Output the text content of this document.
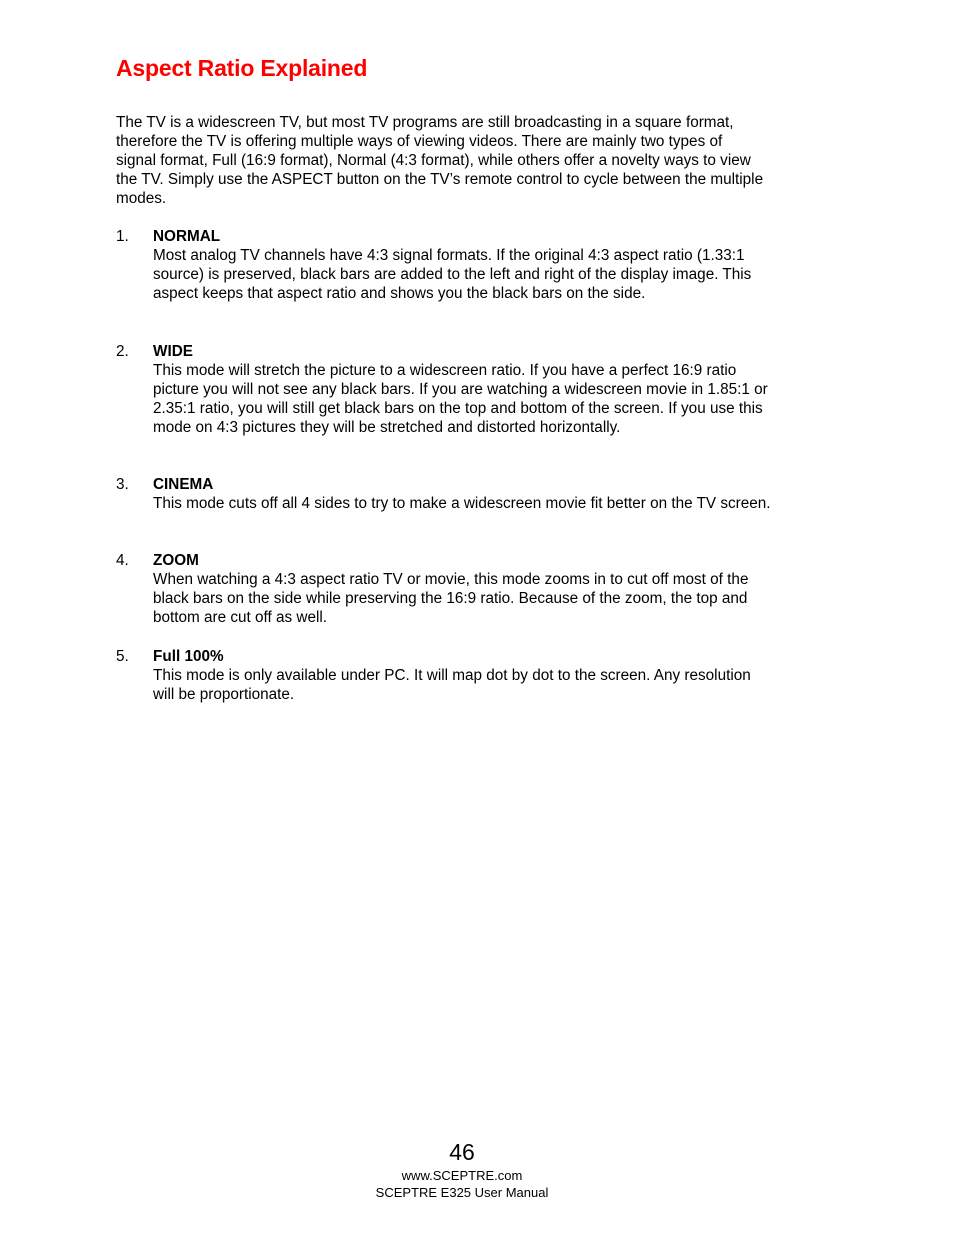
Aspect Ratio Explained

The TV is a widescreen TV, but most TV programs are still broadcasting in a square format, therefore the TV is offering multiple ways of viewing videos. There are mainly two types of signal format, Full (16:9 format), Normal (4:3 format), while others offer a novelty ways to view the TV. Simply use the ASPECT button on the TV’s remote control to cycle between the multiple modes.

1. NORMAL
Most analog TV channels have 4:3 signal formats. If the original 4:3 aspect ratio (1.33:1 source) is preserved, black bars are added to the left and right of the display image. This aspect keeps that aspect ratio and shows you the black bars on the side.
2. WIDE
This mode will stretch the picture to a widescreen ratio. If you have a perfect 16:9 ratio picture you will not see any black bars. If you are watching a widescreen movie in 1.85:1 or 2.35:1 ratio, you will still get black bars on the top and bottom of the screen. If you use this mode on 4:3 pictures they will be stretched and distorted horizontally.
3. CINEMA
This mode cuts off all 4 sides to try to make a widescreen movie fit better on the TV screen.
4. ZOOM
When watching a 4:3 aspect ratio TV or movie, this mode zooms in to cut off most of the black bars on the side while preserving the 16:9 ratio. Because of the zoom, the top and bottom are cut off as well.
5. Full 100%
This mode is only available under PC. It will map dot by dot to the screen. Any resolution will be proportionate.
46
www.SCEPTRE.com
SCEPTRE E325 User Manual
